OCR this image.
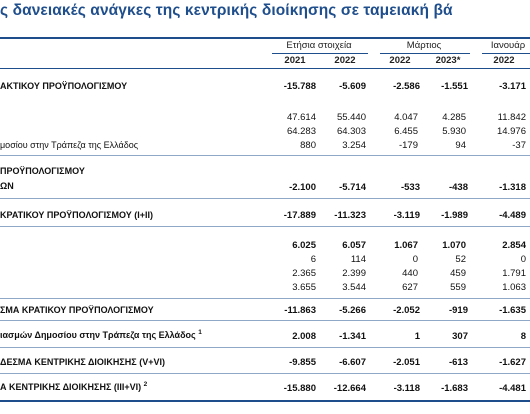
ς δανειακές ανάγκες της κεντρικής διοίκησης σε ταμειακή βά
Ετήσια στοιχεία	Μάρτιος	Ιανουάρ
2021	2022	2022	2023*	2022
ΑΚΤΙΚΟΥ ΠΡΟΫΠΟΛΟΓΙΣΜΟΥ	-15.788	-5.609	-2.586	-1.551	-3.171
47.614	55.440	4.047	4.285	11.842
64.283	64.303	6.455	5.930	14.976
μοσίου στην Τράπεζα της Ελλάδος	880	3.254	-179	94	-37
ΠΡΟΫΠΟΛΟΓΙΣΜΟΥ
ΩΝ	-2.100	-5.714	-533	-438	-1.318
ΚΡΑΤΙΚΟΥ ΠΡΟΫΠΟΛΟΓΙΣΜΟΥ (I+II)	-17.889	-11.323	-3.119	-1.989	-4.489
6.025	6.057	1.067	1.070	2.854
6	114	0	52	0
2.365	2.399	440	459	1.791
3.655	3.544	627	559	1.063
ΣΜΑ ΚΡΑΤΙΚΟΥ ΠΡΟΫΠΟΛΟΓΙΣΜΟΥ	-11.863	-5.266	-2.052	-919	-1.635
ιασμών Δημοσίου στην Τράπεζα της Ελλάδος $^1$	2.008	-1.341	1	307	8
ΔΕΣΜΑ ΚΕΝΤΡΙΚΗΣ ΔΙΟΙΚΗΣΗΣ (V+VI)	-9.855	-6.607	-2.051	-613	-1.627
Α ΚΕΝΤΡΙΚΗΣ ΔΙΟΙΚΗΣΗΣ (III+VI) $^2$	-15.880	-12.664	-3.118	-1.683	-4.481
